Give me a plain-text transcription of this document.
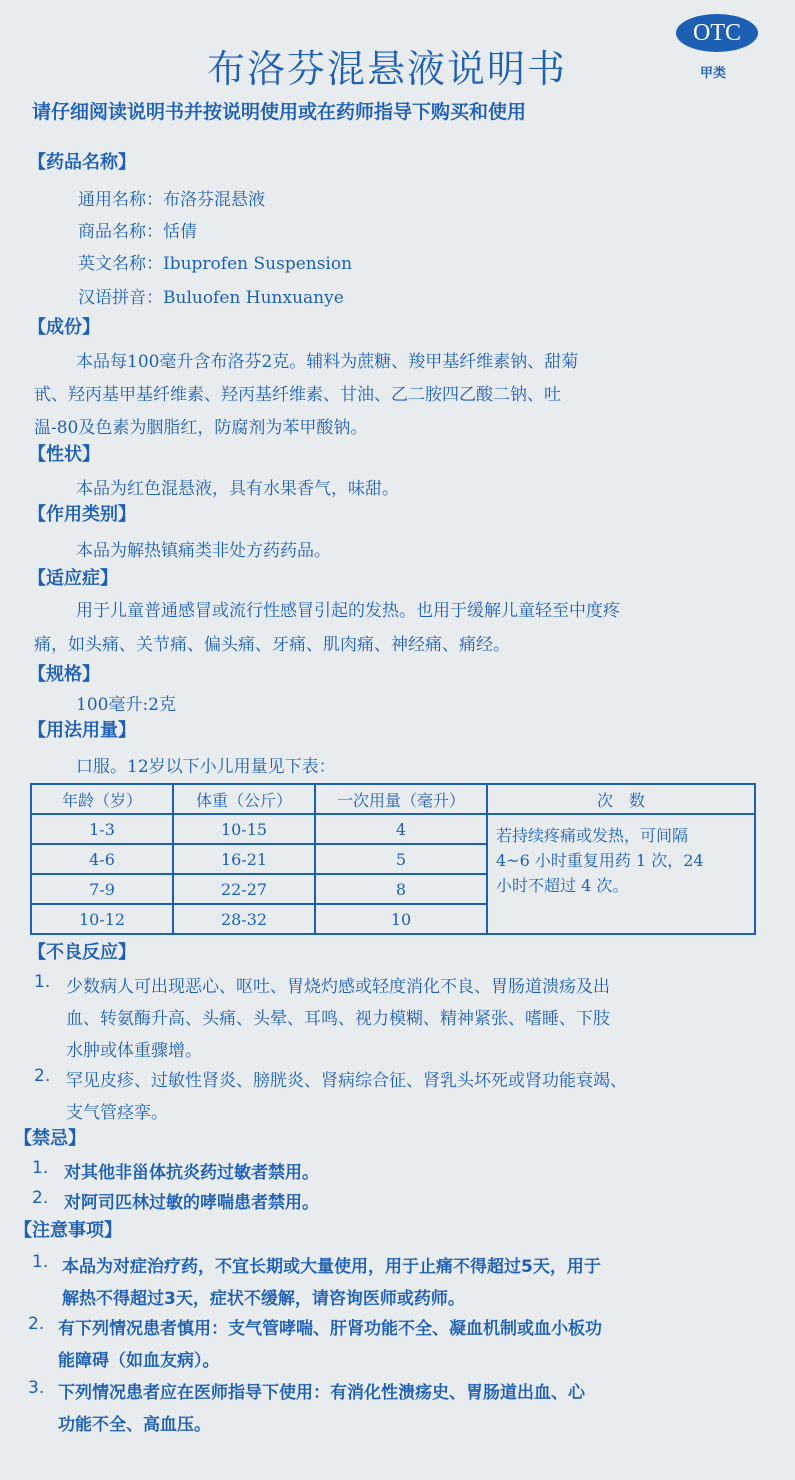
OTC
甲类
布洛芬混悬液说明书
请仔细阅读说明书并按说明使用或在药师指导下购买和使用
【药品名称】
通用名称：布洛芬混悬液
商品名称：恬倩
英文名称：Ibuprofen Suspension
汉语拼音：Buluofen Hunxuanye
【成份】
本品每100毫升含布洛芬2克。辅料为蔗糖、羧甲基纤维素钠、甜菊
甙、羟丙基甲基纤维素、羟丙基纤维素、甘油、乙二胺四乙酸二钠、吐
温-80及色素为胭脂红，防腐剂为苯甲酸钠。
【性状】
本品为红色混悬液，具有水果香气，味甜。
【作用类别】
本品为解热镇痛类非处方药药品。
【适应症】
用于儿童普通感冒或流行性感冒引起的发热。也用于缓解儿童轻至中度疼
痛，如头痛、关节痛、偏头痛、牙痛、肌肉痛、神经痛、痛经。
【规格】
100毫升:2克
【用法用量】
口服。12岁以下小儿用量见下表：
年龄（岁）	体重（公斤）	一次用量（毫升）	次　数
1-3	10-15	4	若持续疼痛或发热，可间隔
4~6 小时重复用药 1 次，24
小时不超过 4 次。

4-6	16-21	5	
7-9	22-27	8	
10-12	28-32	10	
【不良反应】
1. 少数病人可出现恶心、呕吐、胃烧灼感或轻度消化不良、胃肠道溃疡及出
血、转氨酶升高、头痛、头晕、耳鸣、视力模糊、精神紧张、嗜睡、下肢
水肿或体重骤增。
2. 罕见皮疹、过敏性肾炎、膀胱炎、肾病综合征、肾乳头坏死或肾功能衰竭、
支气管痉挛。
【禁忌】
1. 对其他非甾体抗炎药过敏者禁用。
2. 对阿司匹林过敏的哮喘患者禁用。
【注意事项】
1. 本品为对症治疗药，不宜长期或大量使用，用于止痛不得超过5天，用于
解热不得超过3天，症状不缓解，请咨询医师或药师。
2. 有下列情况患者慎用：支气管哮喘、肝肾功能不全、凝血机制或血小板功
能障碍（如血友病）。
3. 下列情况患者应在医师指导下使用：有消化性溃疡史、胃肠道出血、心
功能不全、高血压。
